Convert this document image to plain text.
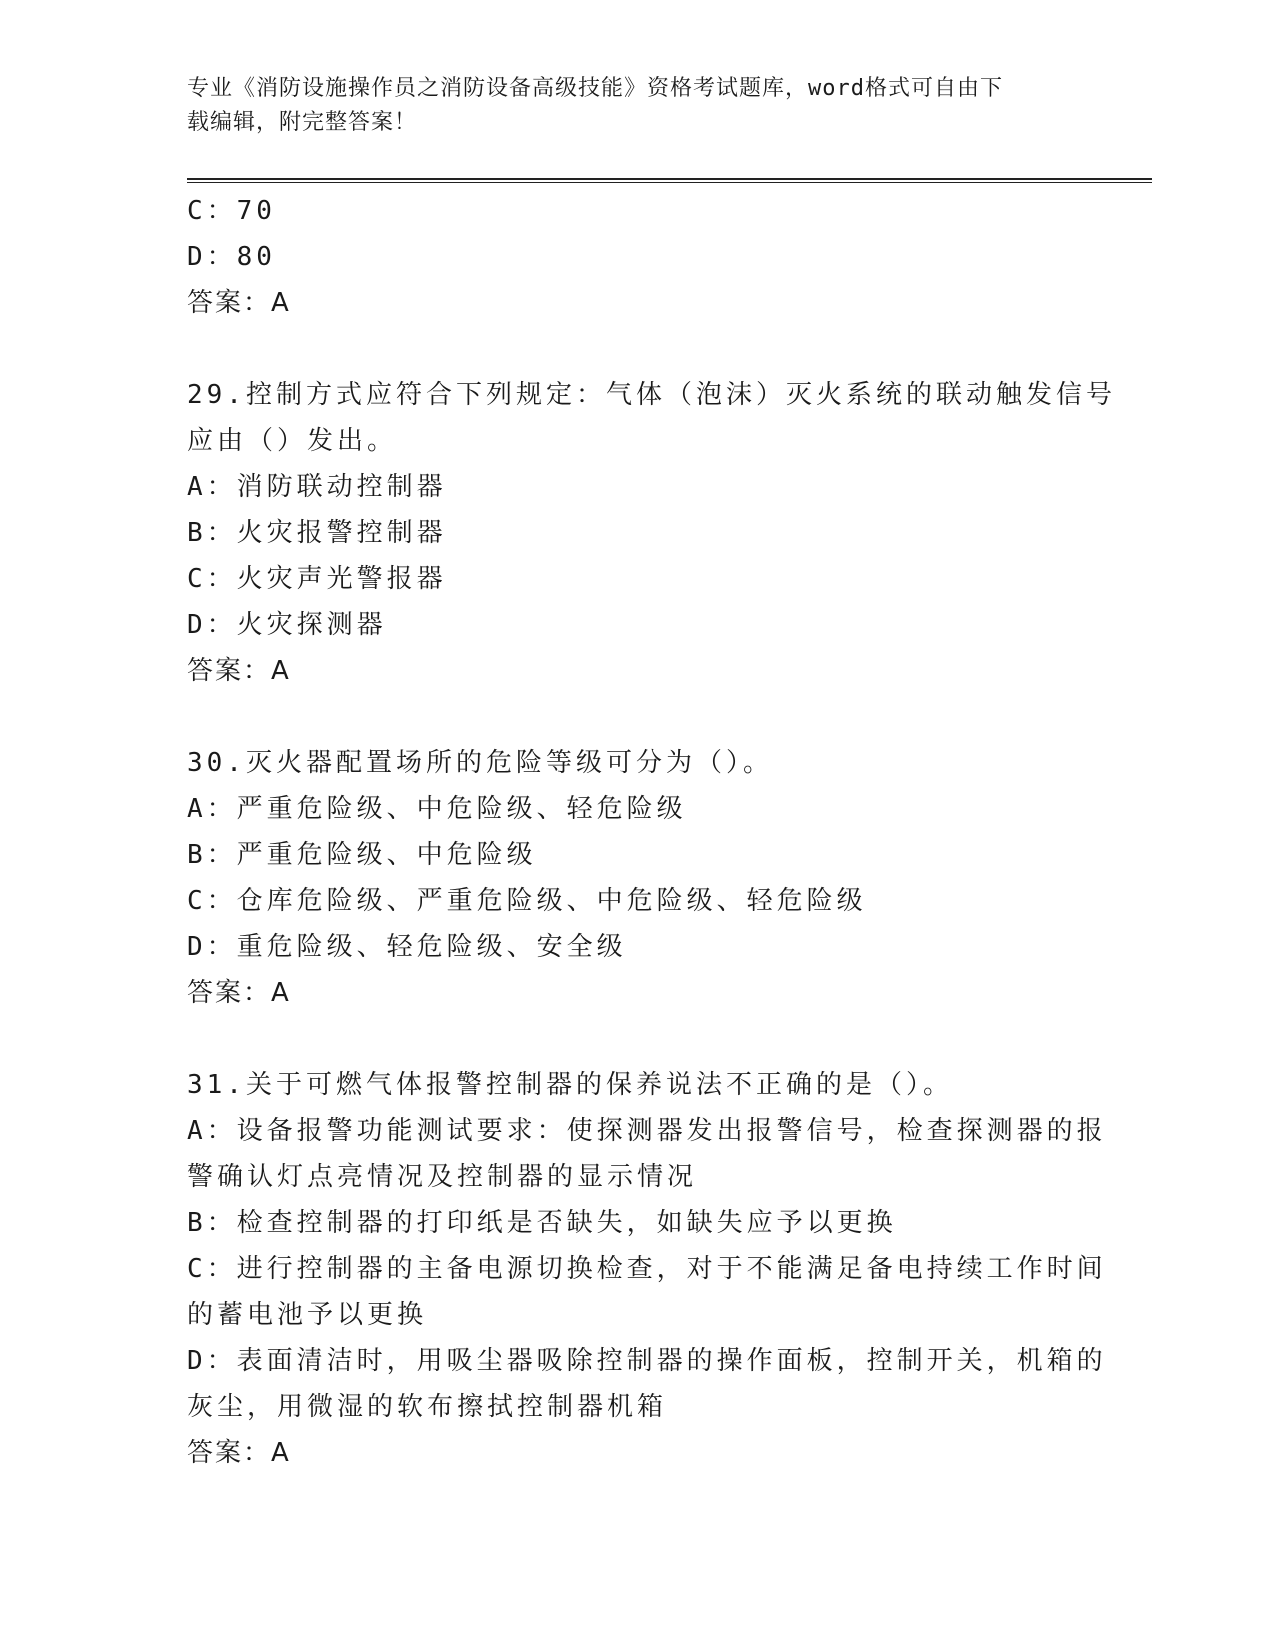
专业《消防设施操作员之消防设备高级技能》资格考试题库，word格式可自由下
载编辑，附完整答案！
C：70
D：80
答案：A
29.控制方式应符合下列规定：气体（泡沫）灭火系统的联动触发信号
应由（）发出。
A：消防联动控制器
B：火灾报警控制器
C：火灾声光警报器
D：火灾探测器
答案：A
30.灭火器配置场所的危险等级可分为（）。
A：严重危险级、中危险级、轻危险级
B：严重危险级、中危险级
C：仓库危险级、严重危险级、中危险级、轻危险级
D：重危险级、轻危险级、安全级
答案：A
31.关于可燃气体报警控制器的保养说法不正确的是（）。
A：设备报警功能测试要求：使探测器发出报警信号，检查探测器的报
警确认灯点亮情况及控制器的显示情况
B：检查控制器的打印纸是否缺失，如缺失应予以更换
C：进行控制器的主备电源切换检查，对于不能满足备电持续工作时间
的蓄电池予以更换
D：表面清洁时，用吸尘器吸除控制器的操作面板，控制开关，机箱的
灰尘，用微湿的软布擦拭控制器机箱
答案：A
